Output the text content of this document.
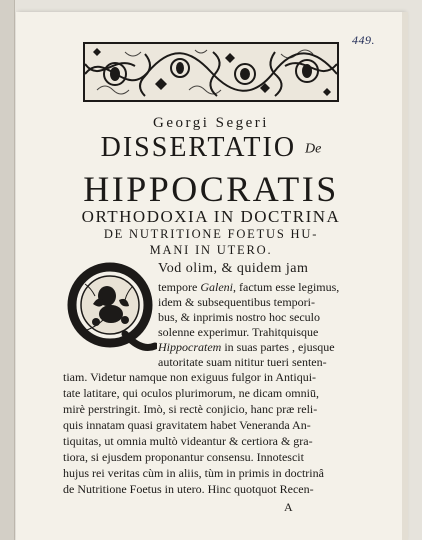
449.
Georgi Segeri
DISSERTATIO De
HIPPOCRATIS
ORTHODOXIA IN DOCTRINA
DE NUTRITIONE FOETUS HU-
MANI IN UTERO.
Vod olim, & quidem jam
tempore Galeni, factum esse legimus,
idem & subsequentibus tempori-
bus, & inprimis nostro hoc seculo
solenne experimur. Trahitquisque
Hippocratem in suas partes , ejusque
autoritate suam nititur tueri senten-
tiam. Videtur namque non exiguus fulgor in Antiqui-
tate latitare, qui oculos plurimorum, ne dicam omniū,
mirè perstringit. Imò, si rectè conjicio, hanc præ reli-
quis innatam quasi gravitatem habet Veneranda An-
tiquitas, ut omnia multò videantur & certiora & gra-
tiora, si ejusdem proponantur consensu. Innotescit
hujus rei veritas cùm in aliis, tùm in primis in doctrinâ
de Nutritione Foetus in utero. Hinc quotquot Recen-
A
